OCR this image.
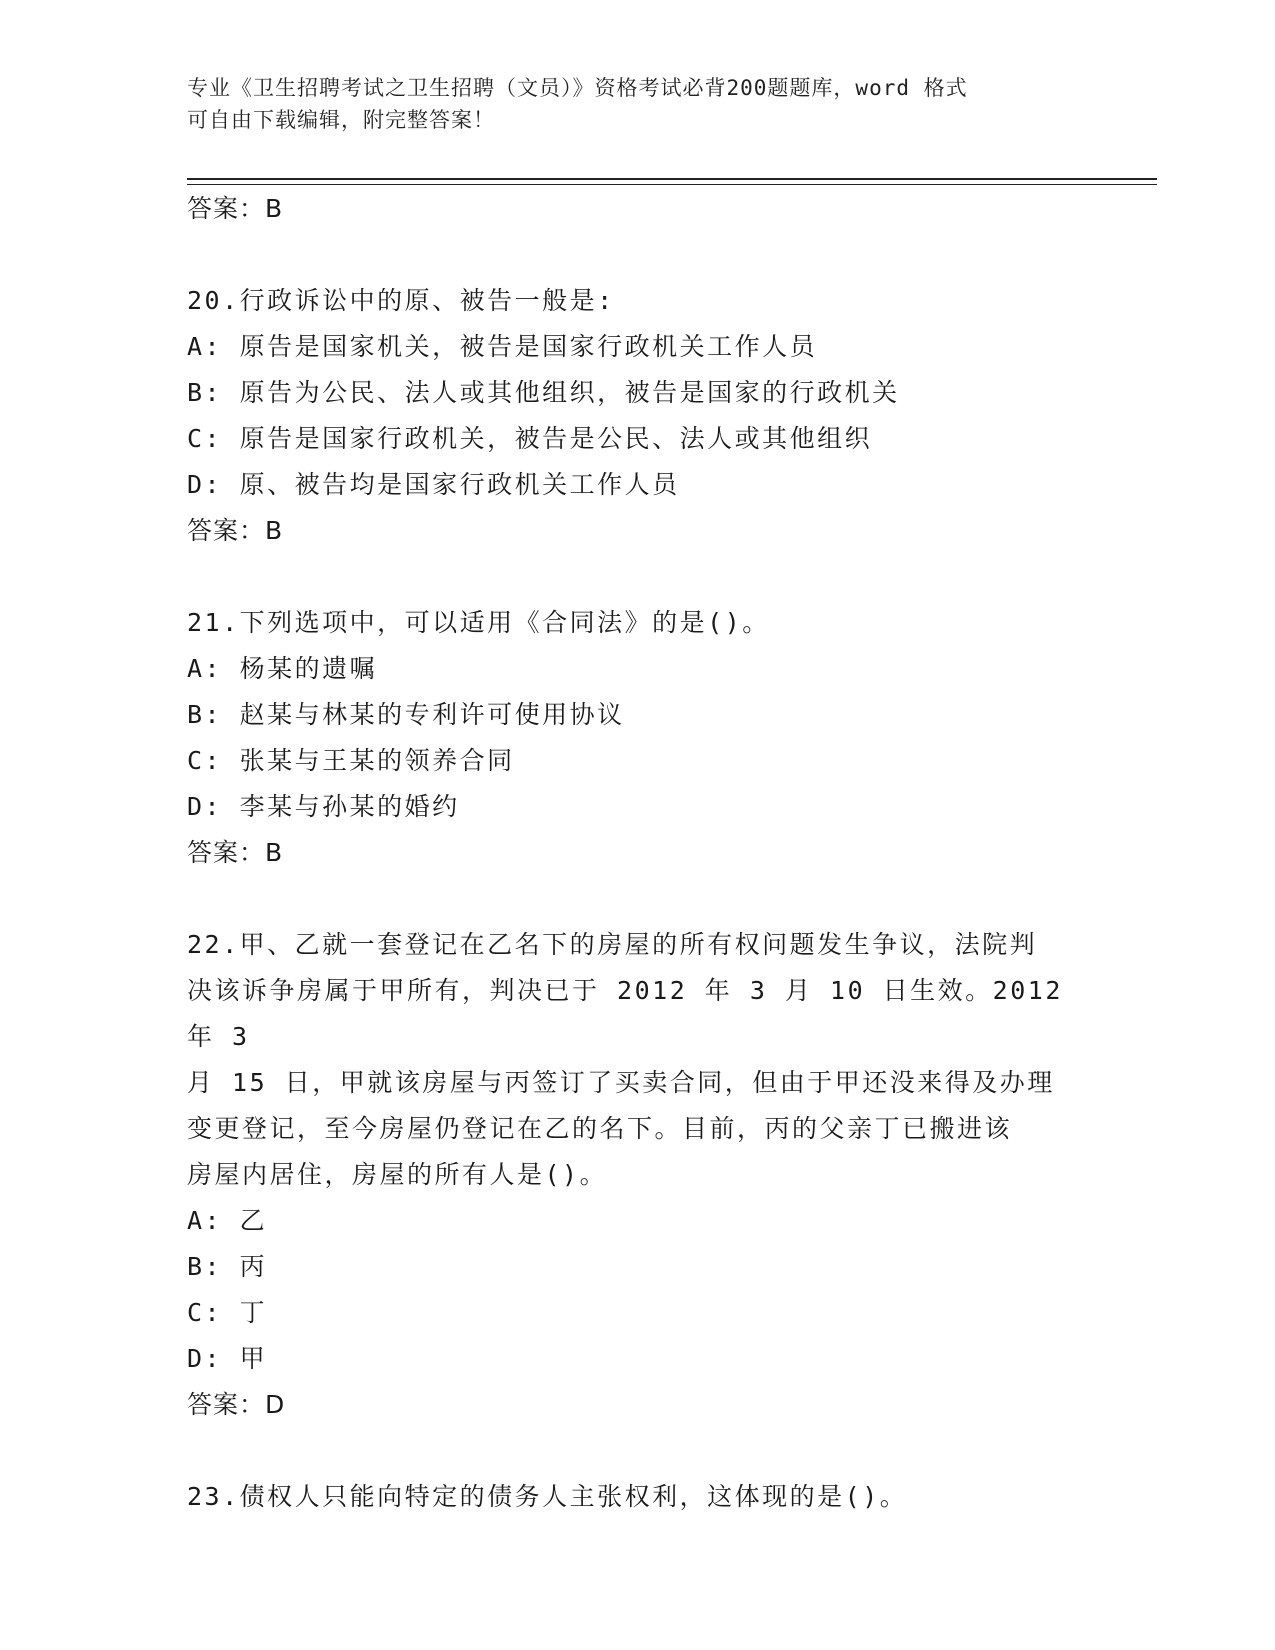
专业《卫生招聘考试之卫生招聘（文员）》资格考试必背200题题库，word 格式
可自由下载编辑，附完整答案！

答案：B

20.行政诉讼中的原、被告一般是:

A: 原告是国家机关，被告是国家行政机关工作人员

B: 原告为公民、法人或其他组织，被告是国家的行政机关

C: 原告是国家行政机关，被告是公民、法人或其他组织

D: 原、被告均是国家行政机关工作人员

答案：B

21.下列选项中，可以适用《合同法》的是()。

A: 杨某的遗嘱

B: 赵某与林某的专利许可使用协议

C: 张某与王某的领养合同

D: 李某与孙某的婚约

答案：B

22.甲、乙就一套登记在乙名下的房屋的所有权问题发生争议，法院判

决该诉争房属于甲所有，判决已于 2012 年 3 月 10 日生效。2012 年 3

月 15 日，甲就该房屋与丙签订了买卖合同，但由于甲还没来得及办理

变更登记，至今房屋仍登记在乙的名下。目前，丙的父亲丁已搬进该

房屋内居住，房屋的所有人是()。

A: 乙

B: 丙

C: 丁

D: 甲

答案：D

23.债权人只能向特定的债务人主张权利，这体现的是()。
